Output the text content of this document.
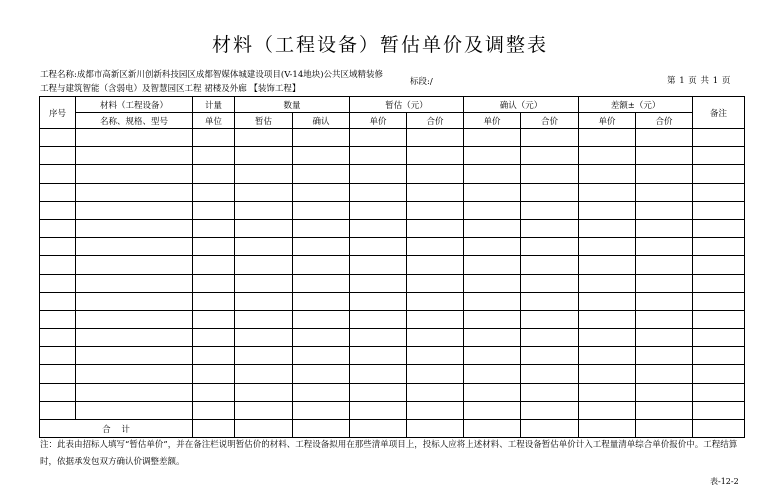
材料（工程设备）暂估单价及调整表
工程名称:成都市高新区新川创新科技园区成都智媒体城建设项目(V-14地块)公共区域精装修工程与建筑智能（含弱电）及智慧园区工程 裙楼及外廊 【装饰工程】
标段:/	第 1 页 共 1 页
序号	材料（工程设备）	计量	数量		暂估（元）		确认（元）		差额±（元）		备注
	名称、规格、型号	单位	暂估	确认	单价	合价	单价	合价	单价	合价	

合    计											
注：此表由招标人填写“暂估单价”，并在备注栏说明暂估价的材料、工程设备拟用在那些清单项目上，投标人应将上述材料、工程设备暂估单价计入工程量清单综合单价报价中。工程结算时，依据承发包双方确认价调整差额。
表-12-2
